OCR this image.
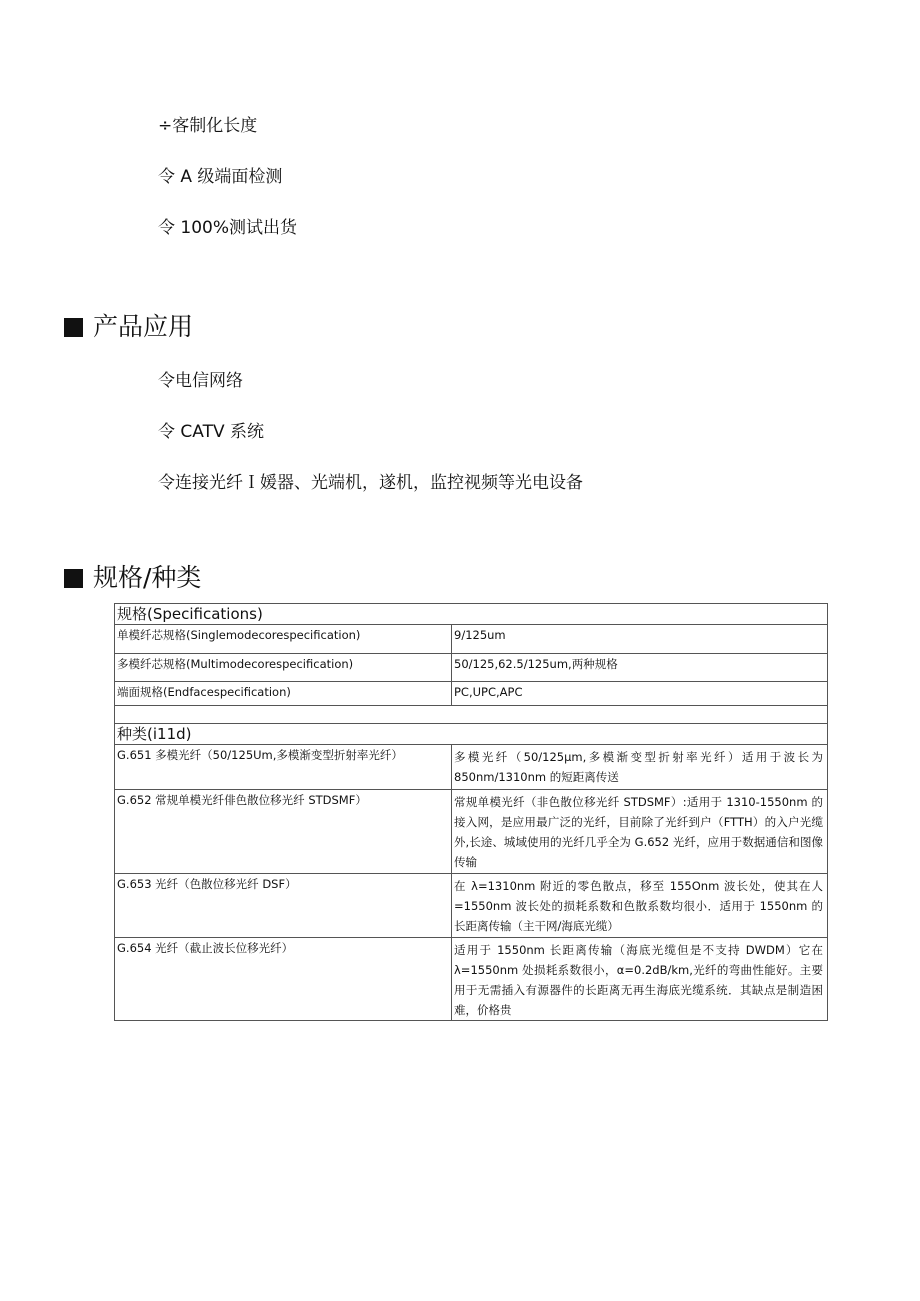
÷客制化长度
令 A 级端面检测
令 100%测试出货
产品应用
令电信网络
令 CATV 系统
令连接光纤Ｉ媛器、光端机，遂机，监控视频等光电设备
规格/种类
规格(Specifications)	
单模纤芯规格(Singlemodecorespecification)	9/125um
多模纤芯规格(Multimodecorespecification)	50/125,62.5/125um,两种规格
端面规格(Endfacespecification)	PC,UPC,APC

种类(i11d)	
G.651 多模光纤（50/125Um,多模渐变型折射率光纤）	多模光纤（50/125μm,多模渐变型折射率光纤）适用于波长为850nm/1310nm 的短距离传送
G.652 常规单模光纤俳色散位移光纤 STDSMF）	常规单模光纤（非色散位移光纤 STDSMF）:适用于 1310-1550nm 的接入网，是应用最广泛的光纤，目前除了光纤到户（FTTH）的入户光缆外,长途、城域使用的光纤几乎全为 G.652 光纤，应用于数据通信和图像传输
G.653 光纤（色散位移光纤 DSF）	在 λ=1310nm 附近的零色散点，移至 155Onm 波长处，使其在人=1550nm 波长处的损耗系数和色散系数均很小．适用于 1550nm 的长距离传输（主干网/海底光缆）
G.654 光纤（截止波长位移光纤）	适用于 1550nm 长距离传输（海底光缆但是不支持 DWDM）它在 λ=1550nm 处损耗系数很小，α=0.2dB/km,光纤的弯曲性能好。主要用于无需插入有源器件的长距离无再生海底光缆系统．其缺点是制造困难，价格贵
